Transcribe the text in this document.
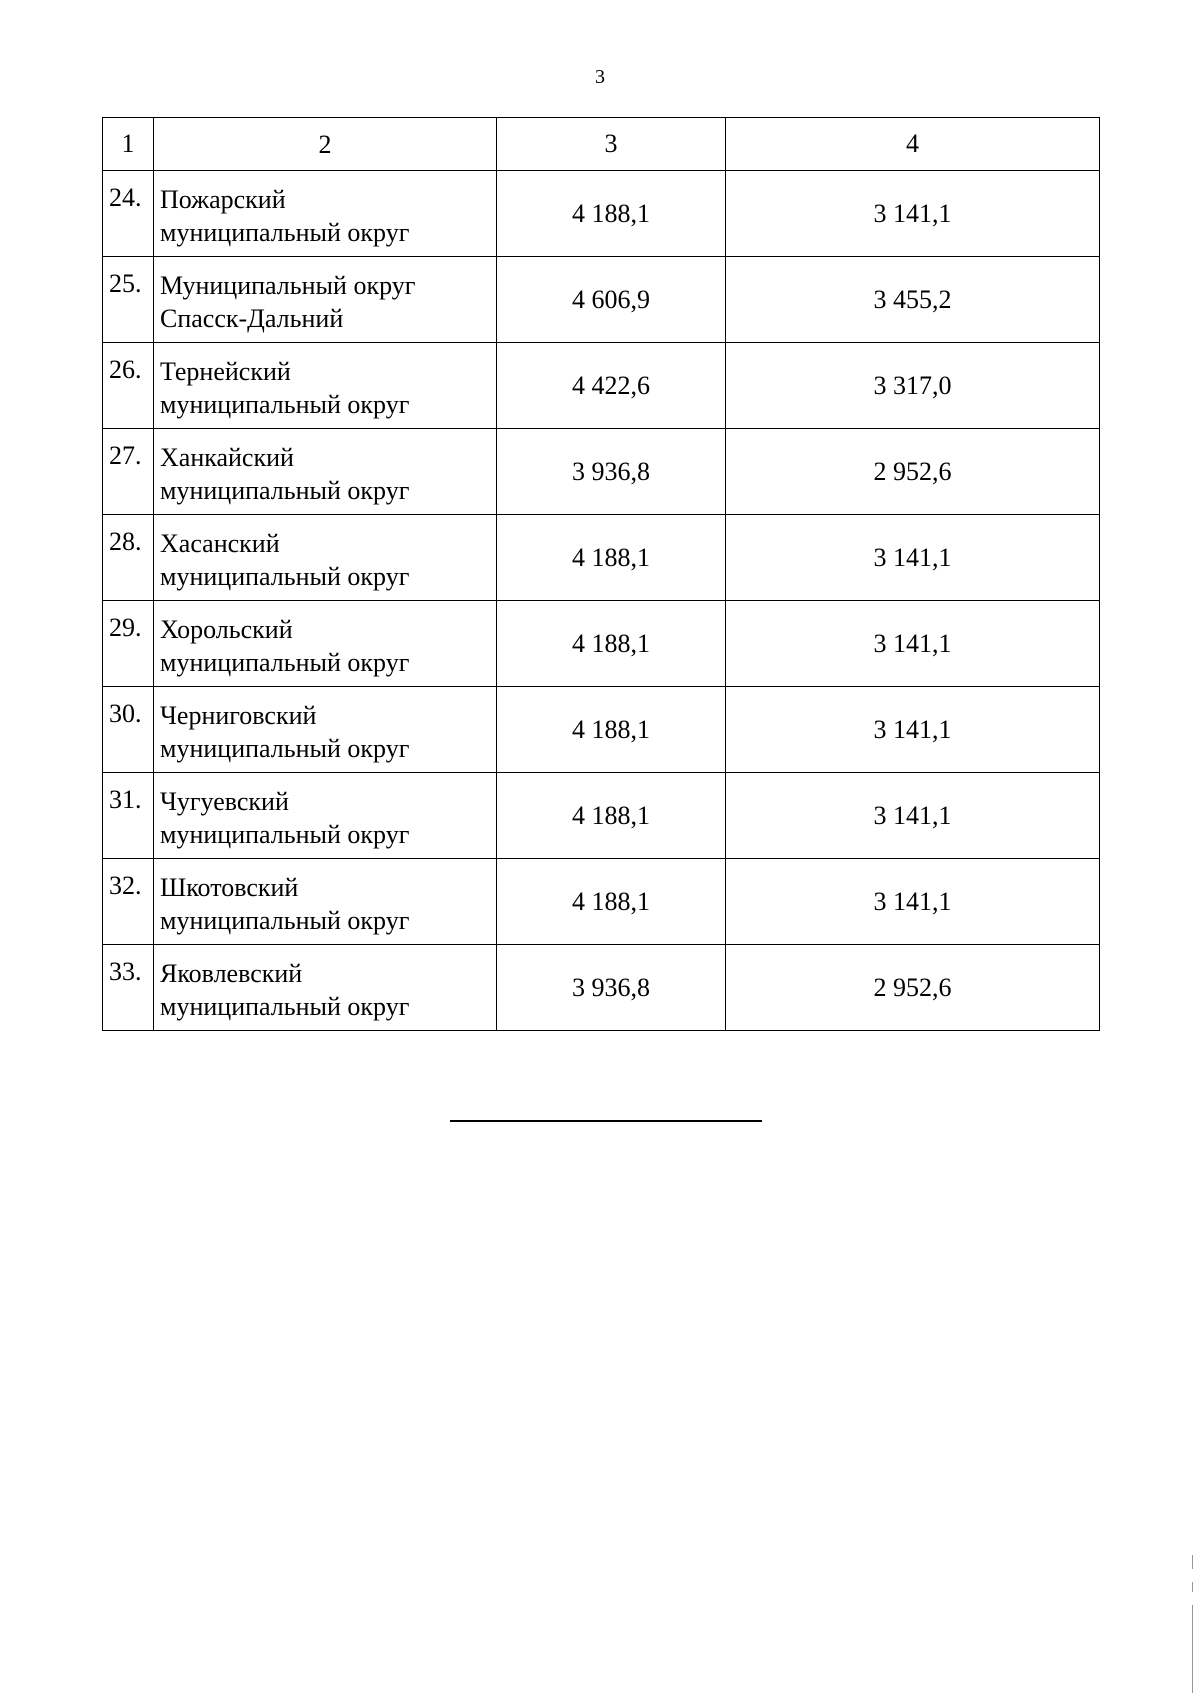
3
1	2	3	4
24.	Пожарский
муниципальный округ	4 188,1	3 141,1
25.	Муниципальный округ
Спасск-Дальний	4 606,9	3 455,2
26.	Тернейский
муниципальный округ	4 422,6	3 317,0
27.	Ханкайский
муниципальный округ	3 936,8	2 952,6
28.	Хасанский
муниципальный округ	4 188,1	3 141,1
29.	Хорольский
муниципальный округ	4 188,1	3 141,1
30.	Черниговский
муниципальный округ	4 188,1	3 141,1
31.	Чугуевский
муниципальный округ	4 188,1	3 141,1
32.	Шкотовский
муниципальный округ	4 188,1	3 141,1
33.	Яковлевский
муниципальный округ	3 936,8	2 952,6
